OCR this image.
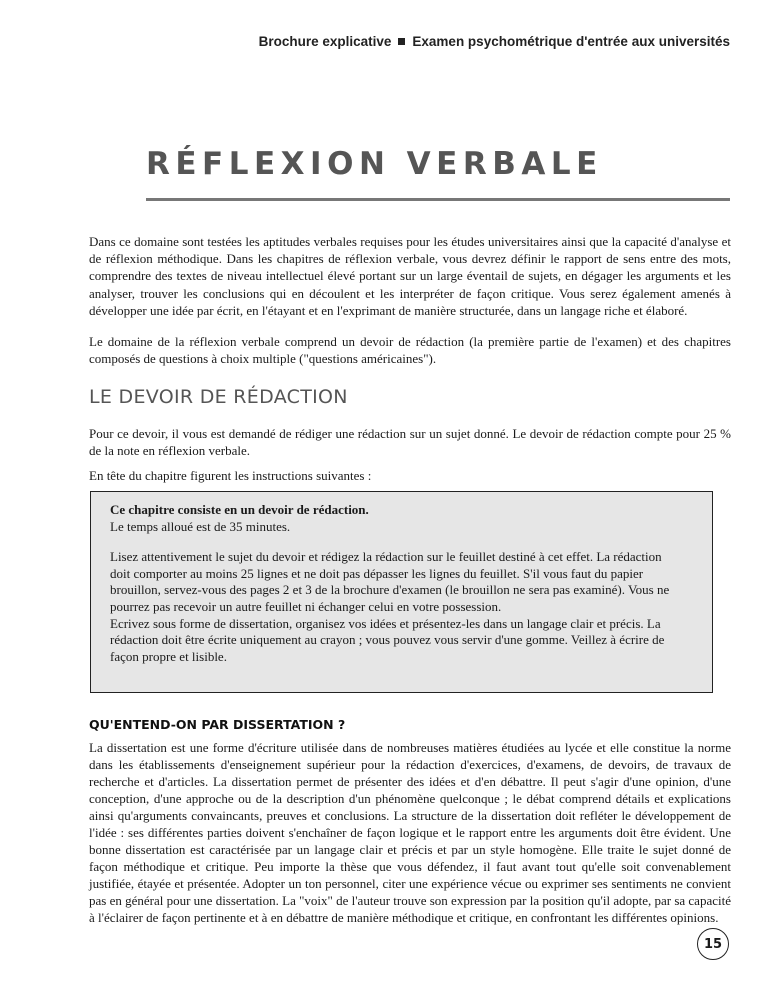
Brochure explicative Examen psychométrique d'entrée aux universités
RÉFLEXION VERBALE

Dans ce domaine sont testées les aptitudes verbales requises pour les études universitaires ainsi que la capacité d'analyse et de réflexion méthodique. Dans les chapitres de réflexion verbale, vous devrez définir le rapport de sens entre des mots, comprendre des textes de niveau intellectuel élevé portant sur un large éventail de sujets, en dégager les arguments et les analyser, trouver les conclusions qui en découlent et les interpréter de façon critique. Vous serez également amenés à développer une idée par écrit, en l'étayant et en l'exprimant de manière structurée, dans un langage riche et élaboré.

Le domaine de la réflexion verbale comprend un devoir de rédaction (la première partie de l'examen) et des chapitres composés de questions à choix multiple ("questions américaines").

LE DEVOIR DE RÉDACTION

Pour ce devoir, il vous est demandé de rédiger une rédaction sur un sujet donné. Le devoir de rédaction compte pour 25 % de la note en réflexion verbale.

En tête du chapitre figurent les instructions suivantes :

Ce chapitre consiste en un devoir de rédaction.

Le temps alloué est de 35 minutes.

Lisez attentivement le sujet du devoir et rédigez la rédaction sur le feuillet destiné à cet effet. La rédaction doit comporter au moins 25 lignes et ne doit pas dépasser les lignes du feuillet. S'il vous faut du papier brouillon, servez-vous des pages 2 et 3 de la brochure d'examen (le brouillon ne sera pas examiné). Vous ne pourrez pas recevoir un autre feuillet ni échanger celui en votre possession.

Ecrivez sous forme de dissertation, organisez vos idées et présentez-les dans un langage clair et précis. La rédaction doit être écrite uniquement au crayon ; vous pouvez vous servir d'une gomme. Veillez à écrire de façon propre et lisible.

QU'ENTEND-ON PAR DISSERTATION ?

La dissertation est une forme d'écriture utilisée dans de nombreuses matières étudiées au lycée et elle constitue la norme dans les établissements d'enseignement supérieur pour la rédaction d'exercices, d'examens, de devoirs, de travaux de recherche et d'articles. La dissertation permet de présenter des idées et d'en débattre. Il peut s'agir d'une opinion, d'une conception, d'une approche ou de la description d'un phénomène quelconque ; le débat comprend détails et explications ainsi qu'arguments convaincants, preuves et conclusions. La structure de la dissertation doit refléter le développement de l'idée : ses différentes parties doivent s'enchaîner de façon logique et le rapport entre les arguments doit être évident. Une bonne dissertation est caractérisée par un langage clair et précis et par un style homogène. Elle traite le sujet donné de façon méthodique et critique. Peu importe la thèse que vous défendez, il faut avant tout qu'elle soit convenablement justifiée, étayée et présentée. Adopter un ton personnel, citer une expérience vécue ou exprimer ses sentiments ne convient pas en général pour une dissertation. La "voix" de l'auteur trouve son expression par la position qu'il adopte, par sa capacité à l'éclairer de façon pertinente et à en débattre de manière méthodique et critique, en confrontant les différentes opinions.

15
